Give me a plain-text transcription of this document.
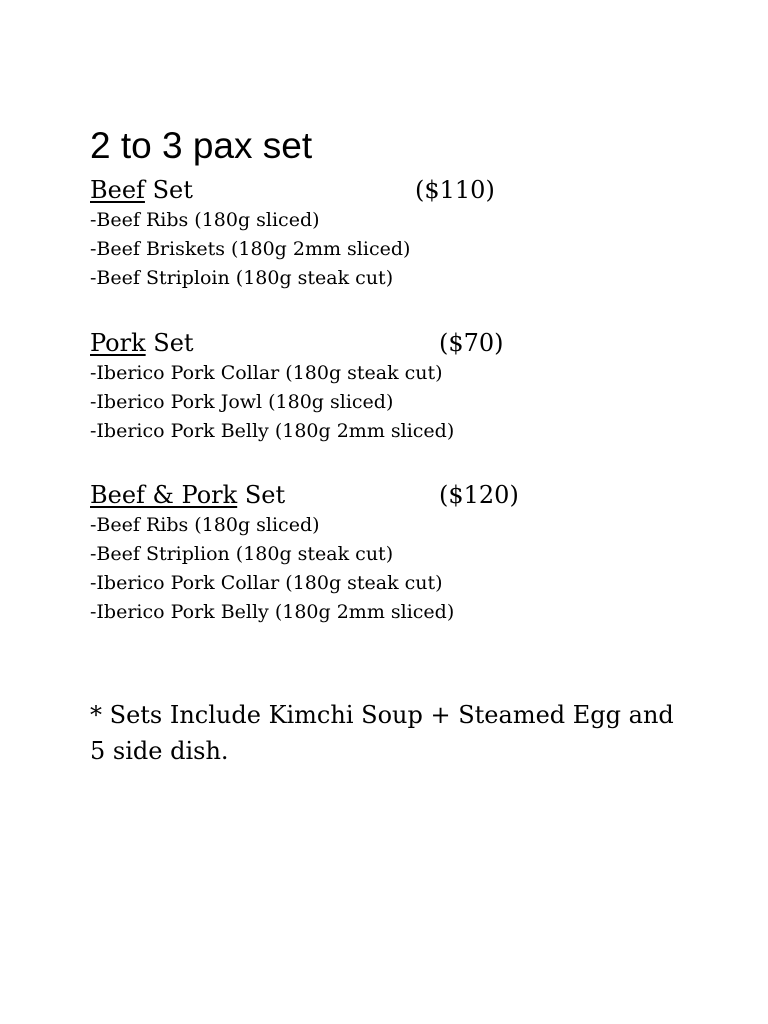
2 to 3 pax set
Beef Set	($110)
-Beef Ribs (180g sliced)
-Beef Briskets (180g 2mm sliced)
-Beef Striploin (180g steak cut)
Pork Set	($70)
-Iberico Pork Collar (180g steak cut)
-Iberico Pork Jowl (180g sliced)
-Iberico Pork Belly (180g 2mm sliced)
Beef & Pork Set	($120)
-Beef Ribs (180g sliced)
-Beef Striplion (180g steak cut)
-Iberico Pork Collar (180g steak cut)
-Iberico Pork Belly (180g 2mm sliced)

* Sets Include Kimchi Soup + Steamed Egg and 5 side dish.
